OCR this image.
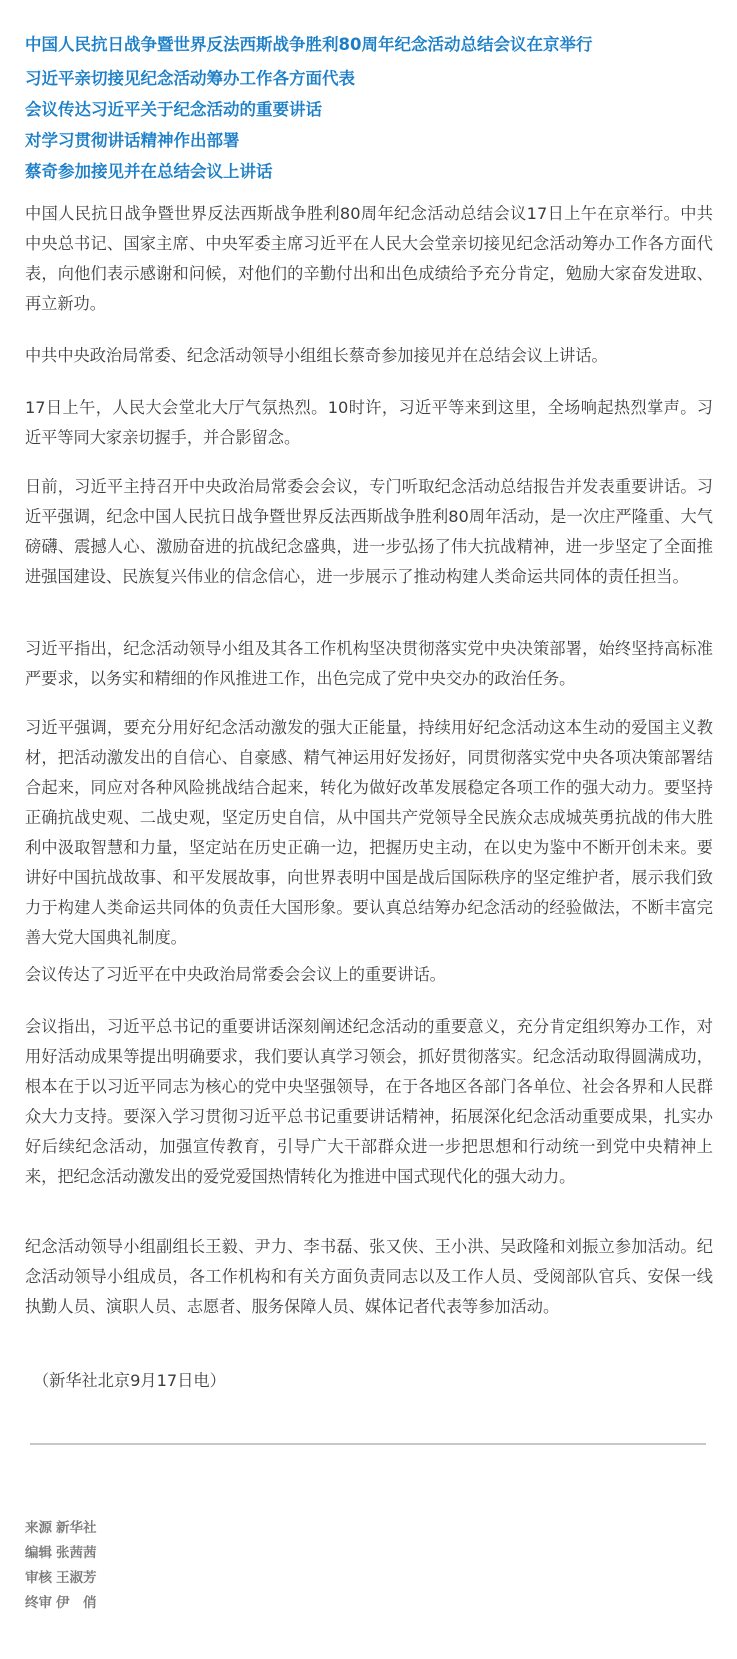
中国人民抗日战争暨世界反法西斯战争胜利80周年纪念活动总结会议在京举行
习近平亲切接见纪念活动筹办工作各方面代表
会议传达习近平关于纪念活动的重要讲话
对学习贯彻讲话精神作出部署
蔡奇参加接见并在总结会议上讲话

中国人民抗日战争暨世界反法西斯战争胜利80周年纪念活动总结会议17日上午在京举行。中共中央总书记、国家主席、中央军委主席习近平在人民大会堂亲切接见纪念活动筹办工作各方面代表，向他们表示感谢和问候，对他们的辛勤付出和出色成绩给予充分肯定，勉励大家奋发进取、再立新功。

中共中央政治局常委、纪念活动领导小组组长蔡奇参加接见并在总结会议上讲话。

17日上午，人民大会堂北大厅气氛热烈。10时许，习近平等来到这里，全场响起热烈掌声。习近平等同大家亲切握手，并合影留念。

日前，习近平主持召开中央政治局常委会会议，专门听取纪念活动总结报告并发表重要讲话。习近平强调，纪念中国人民抗日战争暨世界反法西斯战争胜利80周年活动，是一次庄严隆重、大气磅礴、震撼人心、激励奋进的抗战纪念盛典，进一步弘扬了伟大抗战精神，进一步坚定了全面推进强国建设、民族复兴伟业的信念信心，进一步展示了推动构建人类命运共同体的责任担当。

习近平指出，纪念活动领导小组及其各工作机构坚决贯彻落实党中央决策部署，始终坚持高标准严要求，以务实和精细的作风推进工作，出色完成了党中央交办的政治任务。

习近平强调，要充分用好纪念活动激发的强大正能量，持续用好纪念活动这本生动的爱国主义教材，把活动激发出的自信心、自豪感、精气神运用好发扬好，同贯彻落实党中央各项决策部署结合起来，同应对各种风险挑战结合起来，转化为做好改革发展稳定各项工作的强大动力。要坚持正确抗战史观、二战史观，坚定历史自信，从中国共产党领导全民族众志成城英勇抗战的伟大胜利中汲取智慧和力量，坚定站在历史正确一边，把握历史主动，在以史为鉴中不断开创未来。要讲好中国抗战故事、和平发展故事，向世界表明中国是战后国际秩序的坚定维护者，展示我们致力于构建人类命运共同体的负责任大国形象。要认真总结筹办纪念活动的经验做法，不断丰富完善大党大国典礼制度。

会议传达了习近平在中央政治局常委会会议上的重要讲话。

会议指出，习近平总书记的重要讲话深刻阐述纪念活动的重要意义，充分肯定组织筹办工作，对用好活动成果等提出明确要求，我们要认真学习领会，抓好贯彻落实。纪念活动取得圆满成功，根本在于以习近平同志为核心的党中央坚强领导，在于各地区各部门各单位、社会各界和人民群众大力支持。要深入学习贯彻习近平总书记重要讲话精神，拓展深化纪念活动重要成果，扎实办好后续纪念活动，加强宣传教育，引导广大干部群众进一步把思想和行动统一到党中央精神上来，把纪念活动激发出的爱党爱国热情转化为推进中国式现代化的强大动力。

纪念活动领导小组副组长王毅、尹力、李书磊、张又侠、王小洪、吴政隆和刘振立参加活动。纪念活动领导小组成员，各工作机构和有关方面负责同志以及工作人员、受阅部队官兵、安保一线执勤人员、演职人员、志愿者、服务保障人员、媒体记者代表等参加活动。

（新华社北京9月17日电）
来源 新华社
编辑 张茜茜
审核 王淑芳
终审 伊　俏
